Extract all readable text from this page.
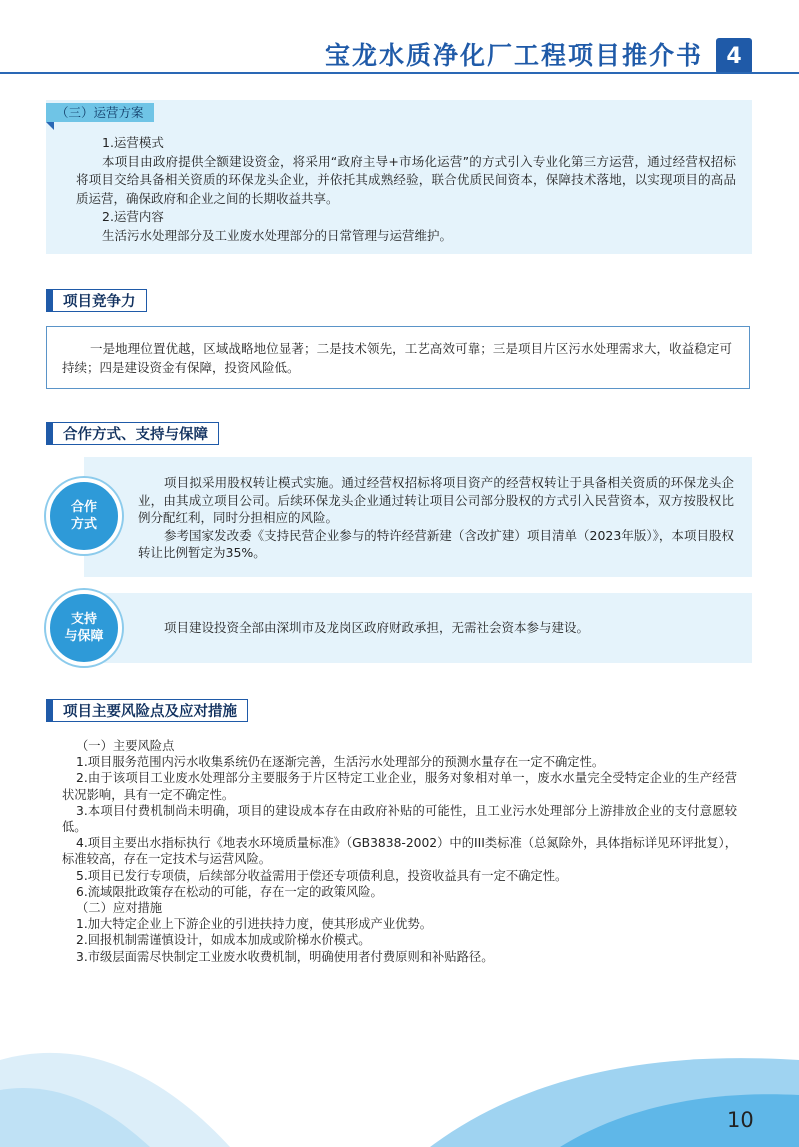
宝龙水质净化厂工程项目推介书	4
（三）运营方案

1.运营模式

本项目由政府提供全额建设资金，将采用“政府主导+市场化运营”的方式引入专业化第三方运营，通过经营权招标将项目交给具备相关资质的环保龙头企业，并依托其成熟经验，联合优质民间资本，保障技术落地，以实现项目的高品质运营，确保政府和企业之间的长期收益共享。

2.运营内容

生活污水处理部分及工业废水处理部分的日常管理与运营维护。

项目竞争力
一是地理位置优越，区域战略地位显著；二是技术领先，工艺高效可靠；三是项目片区污水处理需求大，收益稳定可持续；四是建设资金有保障，投资风险低。
合作方式、支持与保障
合作
方式

项目拟采用股权转让模式实施。通过经营权招标将项目资产的经营权转让于具备相关资质的环保龙头企业，由其成立项目公司。后续环保龙头企业通过转让项目公司部分股权的方式引入民营资本，双方按股权比例分配红利，同时分担相应的风险。

参考国家发改委《支持民营企业参与的特许经营新建（含改扩建）项目清单（2023年版）》，本项目股权转让比例暂定为35%。

支持
与保障
项目建设投资全部由深圳市及龙岗区政府财政承担，无需社会资本参与建设。
项目主要风险点及应对措施

（一）主要风险点

1.项目服务范围内污水收集系统仍在逐渐完善，生活污水处理部分的预测水量存在一定不确定性。

2.由于该项目工业废水处理部分主要服务于片区特定工业企业，服务对象相对单一，废水水量完全受特定企业的生产经营状况影响，具有一定不确定性。

3.本项目付费机制尚未明确，项目的建设成本存在由政府补贴的可能性，且工业污水处理部分上游排放企业的支付意愿较低。

4.项目主要出水指标执行《地表水环境质量标准》（GB3838-2002）中的III类标准（总氮除外，具体指标详见环评批复），标准较高，存在一定技术与运营风险。

5.项目已发行专项债，后续部分收益需用于偿还专项债利息，投资收益具有一定不确定性。

6.流域限批政策存在松动的可能，存在一定的政策风险。

（二）应对措施

1.加大特定企业上下游企业的引进扶持力度，使其形成产业优势。

2.回报机制需谨慎设计，如成本加成或阶梯水价模式。

3.市级层面需尽快制定工业废水收费机制，明确使用者付费原则和补贴路径。

10
